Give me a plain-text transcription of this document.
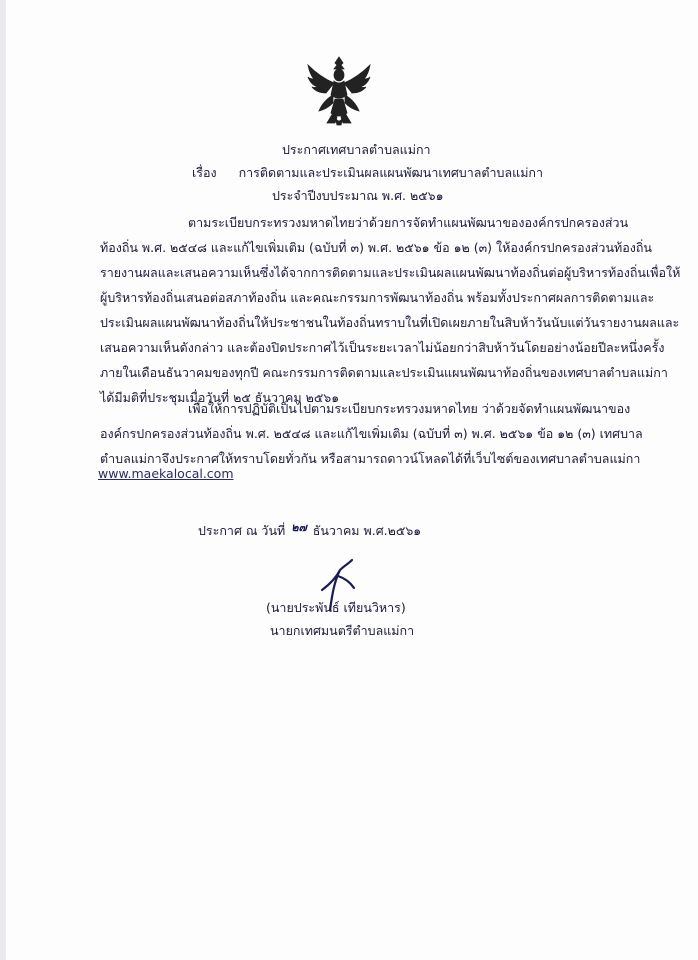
ประกาศเทศบาลตำบลแม่กา
เรื่อง การติดตามและประเมินผลแผนพัฒนาเทศบาลตำบลแม่กา
ประจำปีงบประมาณ พ.ศ. ๒๕๖๑
ตามระเบียบกระทรวงมหาดไทยว่าด้วยการจัดทำแผนพัฒนาขององค์กรปกครองส่วน
ท้องถิ่น พ.ศ. ๒๕๔๘ และแก้ไขเพิ่มเติม (ฉบับที่ ๓) พ.ศ. ๒๕๖๑ ข้อ ๑๒ (๓) ให้องค์กรปกครองส่วนท้องถิ่น
รายงานผลและเสนอความเห็นซึ่งได้จากการติดตามและประเมินผลแผนพัฒนาท้องถิ่นต่อผู้บริหารท้องถิ่นเพื่อให้
ผู้บริหารท้องถิ่นเสนอต่อสภาท้องถิ่น และคณะกรรมการพัฒนาท้องถิ่น พร้อมทั้งประกาศผลการติดตามและ
ประเมินผลแผนพัฒนาท้องถิ่นให้ประชาชนในท้องถิ่นทราบในที่เปิดเผยภายในสิบห้าวันนับแต่วันรายงานผลและ
เสนอความเห็นดังกล่าว และต้องปิดประกาศไว้เป็นระยะเวลาไม่น้อยกว่าสิบห้าวันโดยอย่างน้อยปีละหนึ่งครั้ง
ภายในเดือนธันวาคมของทุกปี คณะกรรมการติดตามและประเมินแผนพัฒนาท้องถิ่นของเทศบาลตำบลแม่กา
ได้มีมติที่ประชุมเมื่อวันที่ ๒๕ ธันวาคม ๒๕๖๑
เพื่อให้การปฏิบัติเป็นไปตามระเบียบกระทรวงมหาดไทย ว่าด้วยจัดทำแผนพัฒนาของ
องค์กรปกครองส่วนท้องถิ่น พ.ศ. ๒๕๔๘ และแก้ไขเพิ่มเติม (ฉบับที่ ๓) พ.ศ. ๒๕๖๑ ข้อ ๑๒ (๓) เทศบาล
ตำบลแม่กาจึงประกาศให้ทราบโดยทั่วกัน หรือสามารถดาวน์โหลดได้ที่เว็บไซต์ของเทศบาลตำบลแม่กา
www.maekalocal.com
ประกาศ ณ วันที่ ๒๗ ธันวาคม พ.ศ.๒๕๖๑
(นายประพันธ์ เทียนวิหาร)
นายกเทศมนตรีตำบลแม่กา
